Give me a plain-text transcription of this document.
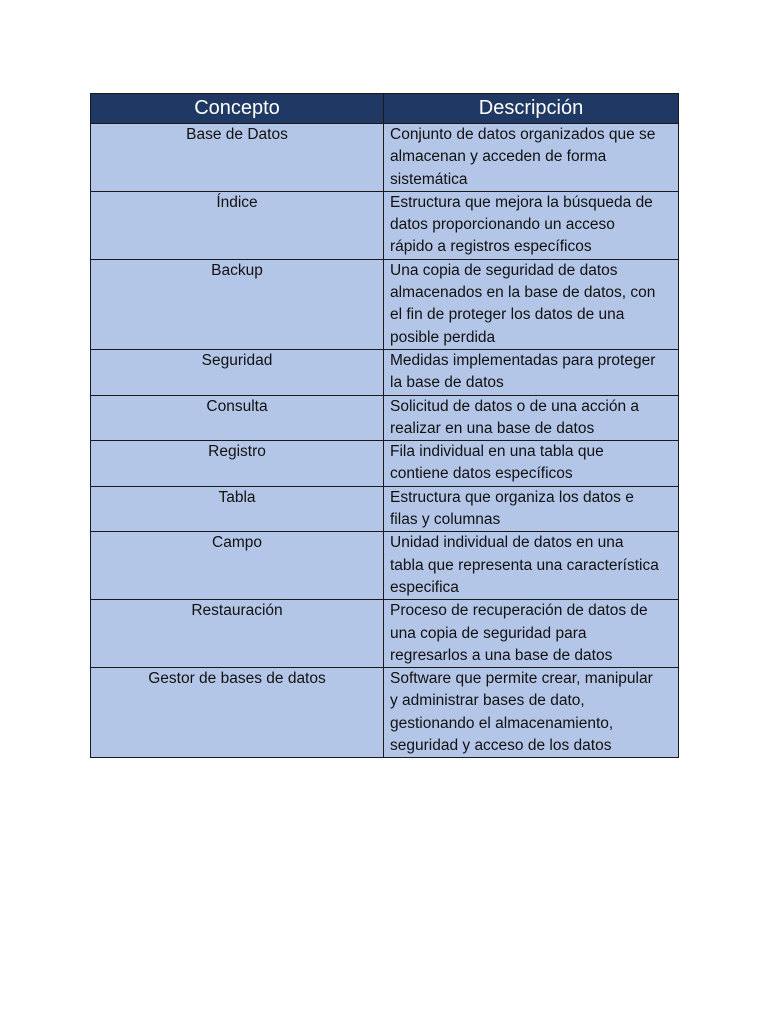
Concepto	Descripción
Base de Datos	Conjunto de datos organizados que se
almacenan y acceden de forma
sistemática

Índice	Estructura que mejora la búsqueda de
datos proporcionando un acceso
rápido a registros específicos

Backup	Una copia de seguridad de datos
almacenados en la base de datos, con
el fin de proteger los datos de una
posible perdida

Seguridad	Medidas implementadas para proteger
la base de datos

Consulta	Solicitud de datos o de una acción a
realizar en una base de datos

Registro	Fila individual en una tabla que
contiene datos específicos

Tabla	Estructura que organiza los datos e
filas y columnas

Campo	Unidad individual de datos en una
tabla que representa una característica
especifica

Restauración	Proceso de recuperación de datos de
una copia de seguridad para
regresarlos a una base de datos

Gestor de bases de datos	Software que permite crear, manipular
y administrar bases de dato,
gestionando el almacenamiento,
seguridad y acceso de los datos
